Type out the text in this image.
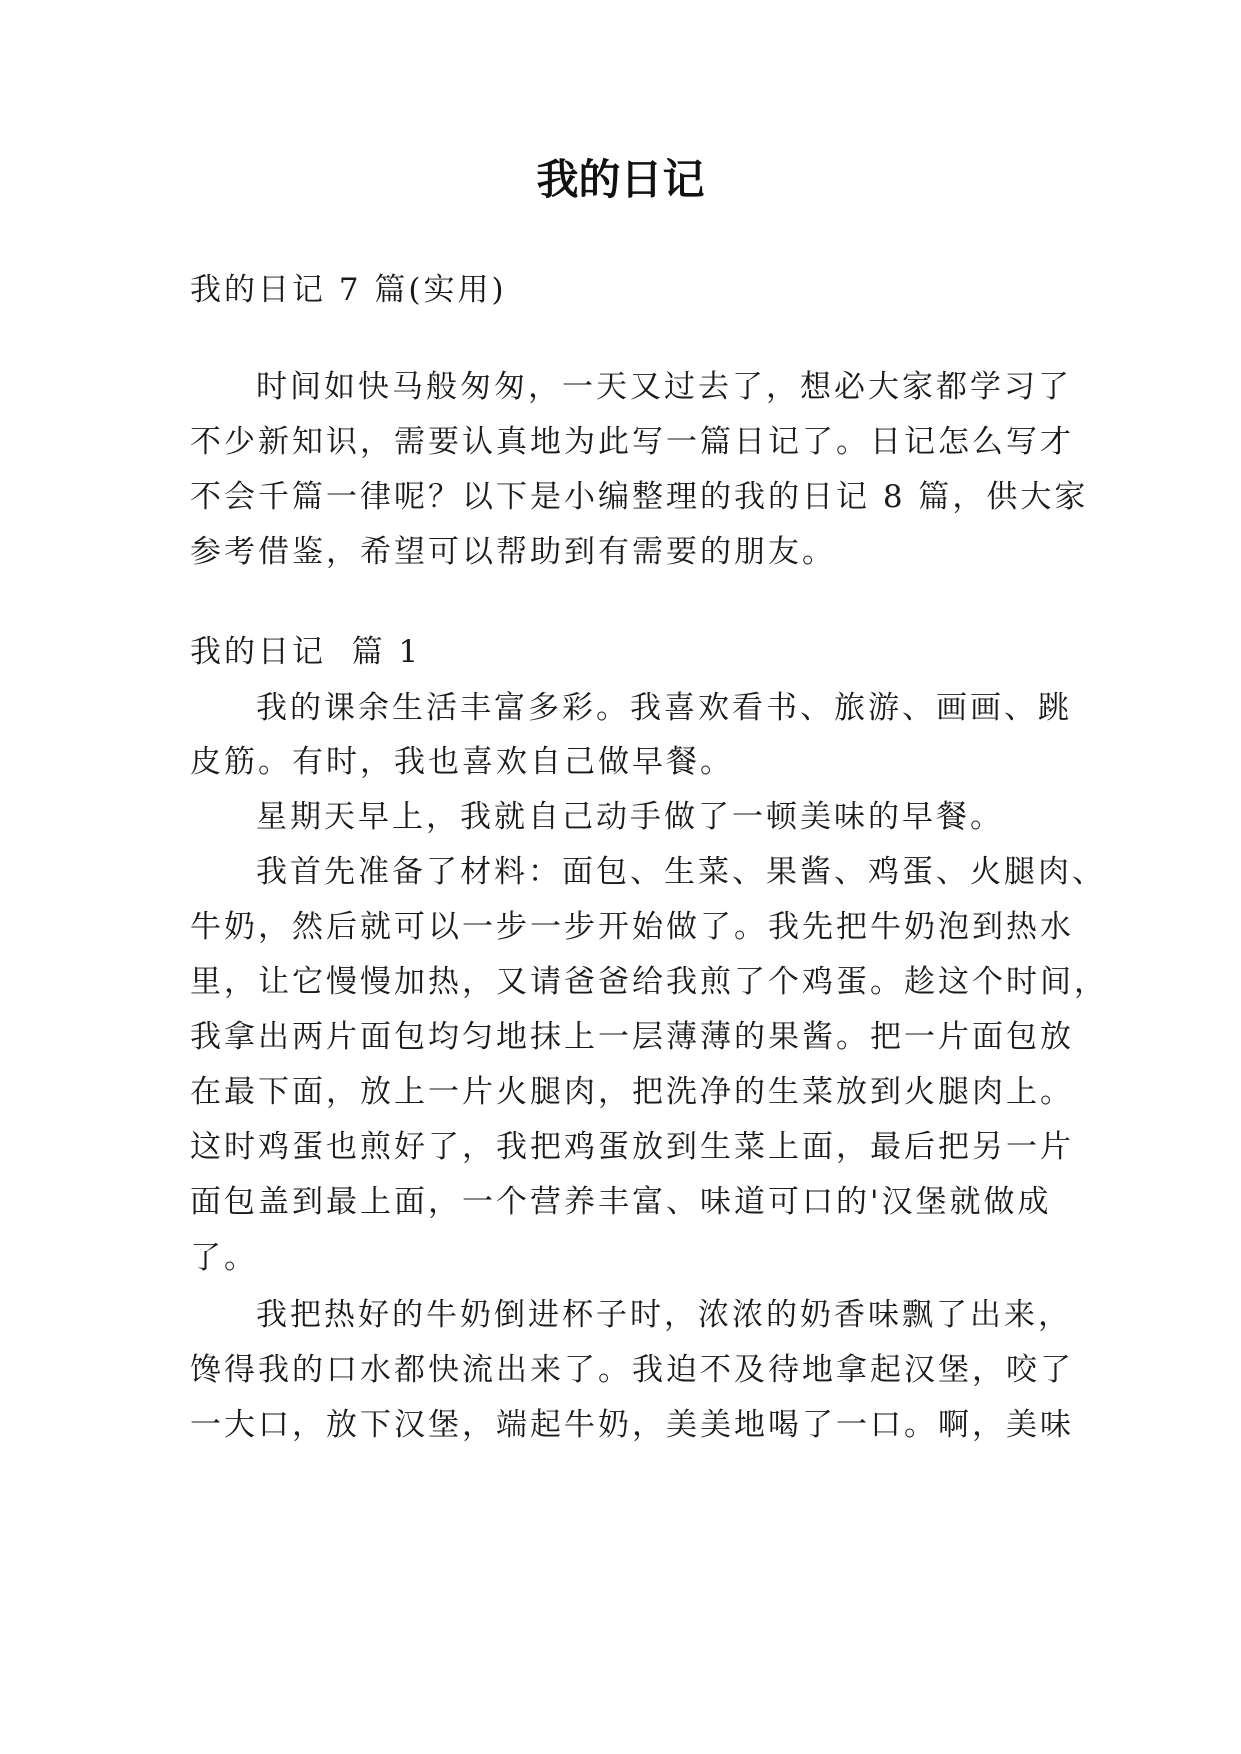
我的日记

我的日记 7 篇(实用)

时间如快马般匆匆，一天又过去了，想必大家都学习了

不少新知识，需要认真地为此写一篇日记了。日记怎么写才

不会千篇一律呢？以下是小编整理的我的日记 8 篇，供大家

参考借鉴，希望可以帮助到有需要的朋友。

我的日记  篇 1

我的课余生活丰富多彩。我喜欢看书、旅游、画画、跳

皮筋。有时，我也喜欢自己做早餐。

星期天早上，我就自己动手做了一顿美味的早餐。

我首先准备了材料：面包、生菜、果酱、鸡蛋、火腿肉、

牛奶，然后就可以一步一步开始做了。我先把牛奶泡到热水

里，让它慢慢加热，又请爸爸给我煎了个鸡蛋。趁这个时间，

我拿出两片面包均匀地抹上一层薄薄的果酱。把一片面包放

在最下面，放上一片火腿肉，把洗净的生菜放到火腿肉上。

这时鸡蛋也煎好了，我把鸡蛋放到生菜上面，最后把另一片

面包盖到最上面，一个营养丰富、味道可口的'汉堡就做成

了。

我把热好的牛奶倒进杯子时，浓浓的奶香味飘了出来，

馋得我的口水都快流出来了。我迫不及待地拿起汉堡，咬了

一大口，放下汉堡，端起牛奶，美美地喝了一口。啊，美味
